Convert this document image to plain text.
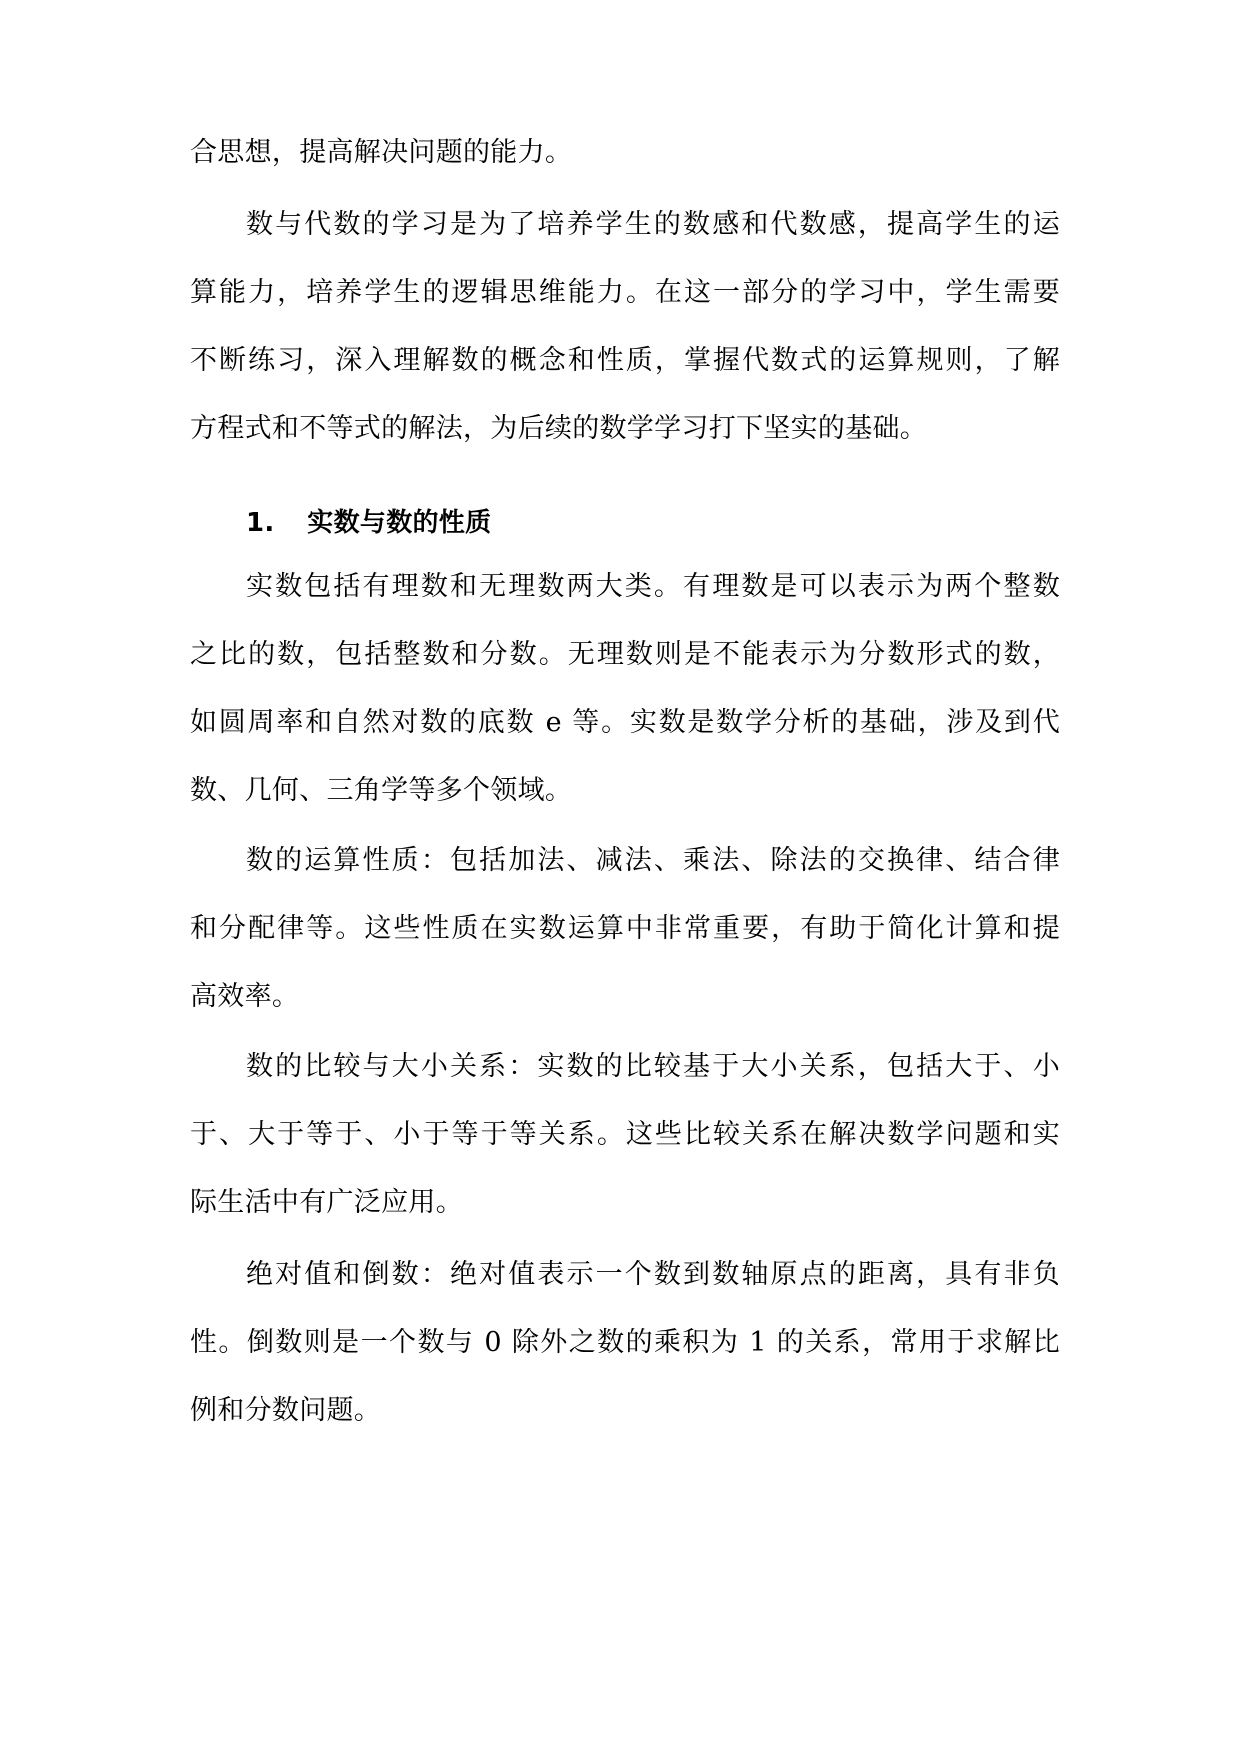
合思想，提高解决问题的能力。
数与代数的学习是为了培养学生的数感和代数感，提高学生的运
算能力，培养学生的逻辑思维能力。在这一部分的学习中，学生需要
不断练习，深入理解数的概念和性质，掌握代数式的运算规则，了解
方程式和不等式的解法，为后续的数学学习打下坚实的基础。
1. 实数与数的性质
实数包括有理数和无理数两大类。有理数是可以表示为两个整数
之比的数，包括整数和分数。无理数则是不能表示为分数形式的数，
如圆周率和自然对数的底数 e 等。实数是数学分析的基础，涉及到代
数、几何、三角学等多个领域。
数的运算性质：包括加法、减法、乘法、除法的交换律、结合律
和分配律等。这些性质在实数运算中非常重要，有助于简化计算和提
高效率。
数的比较与大小关系：实数的比较基于大小关系，包括大于、小
于、大于等于、小于等于等关系。这些比较关系在解决数学问题和实
际生活中有广泛应用。
绝对值和倒数：绝对值表示一个数到数轴原点的距离，具有非负
性。倒数则是一个数与 0 除外之数的乘积为 1 的关系，常用于求解比
例和分数问题。
